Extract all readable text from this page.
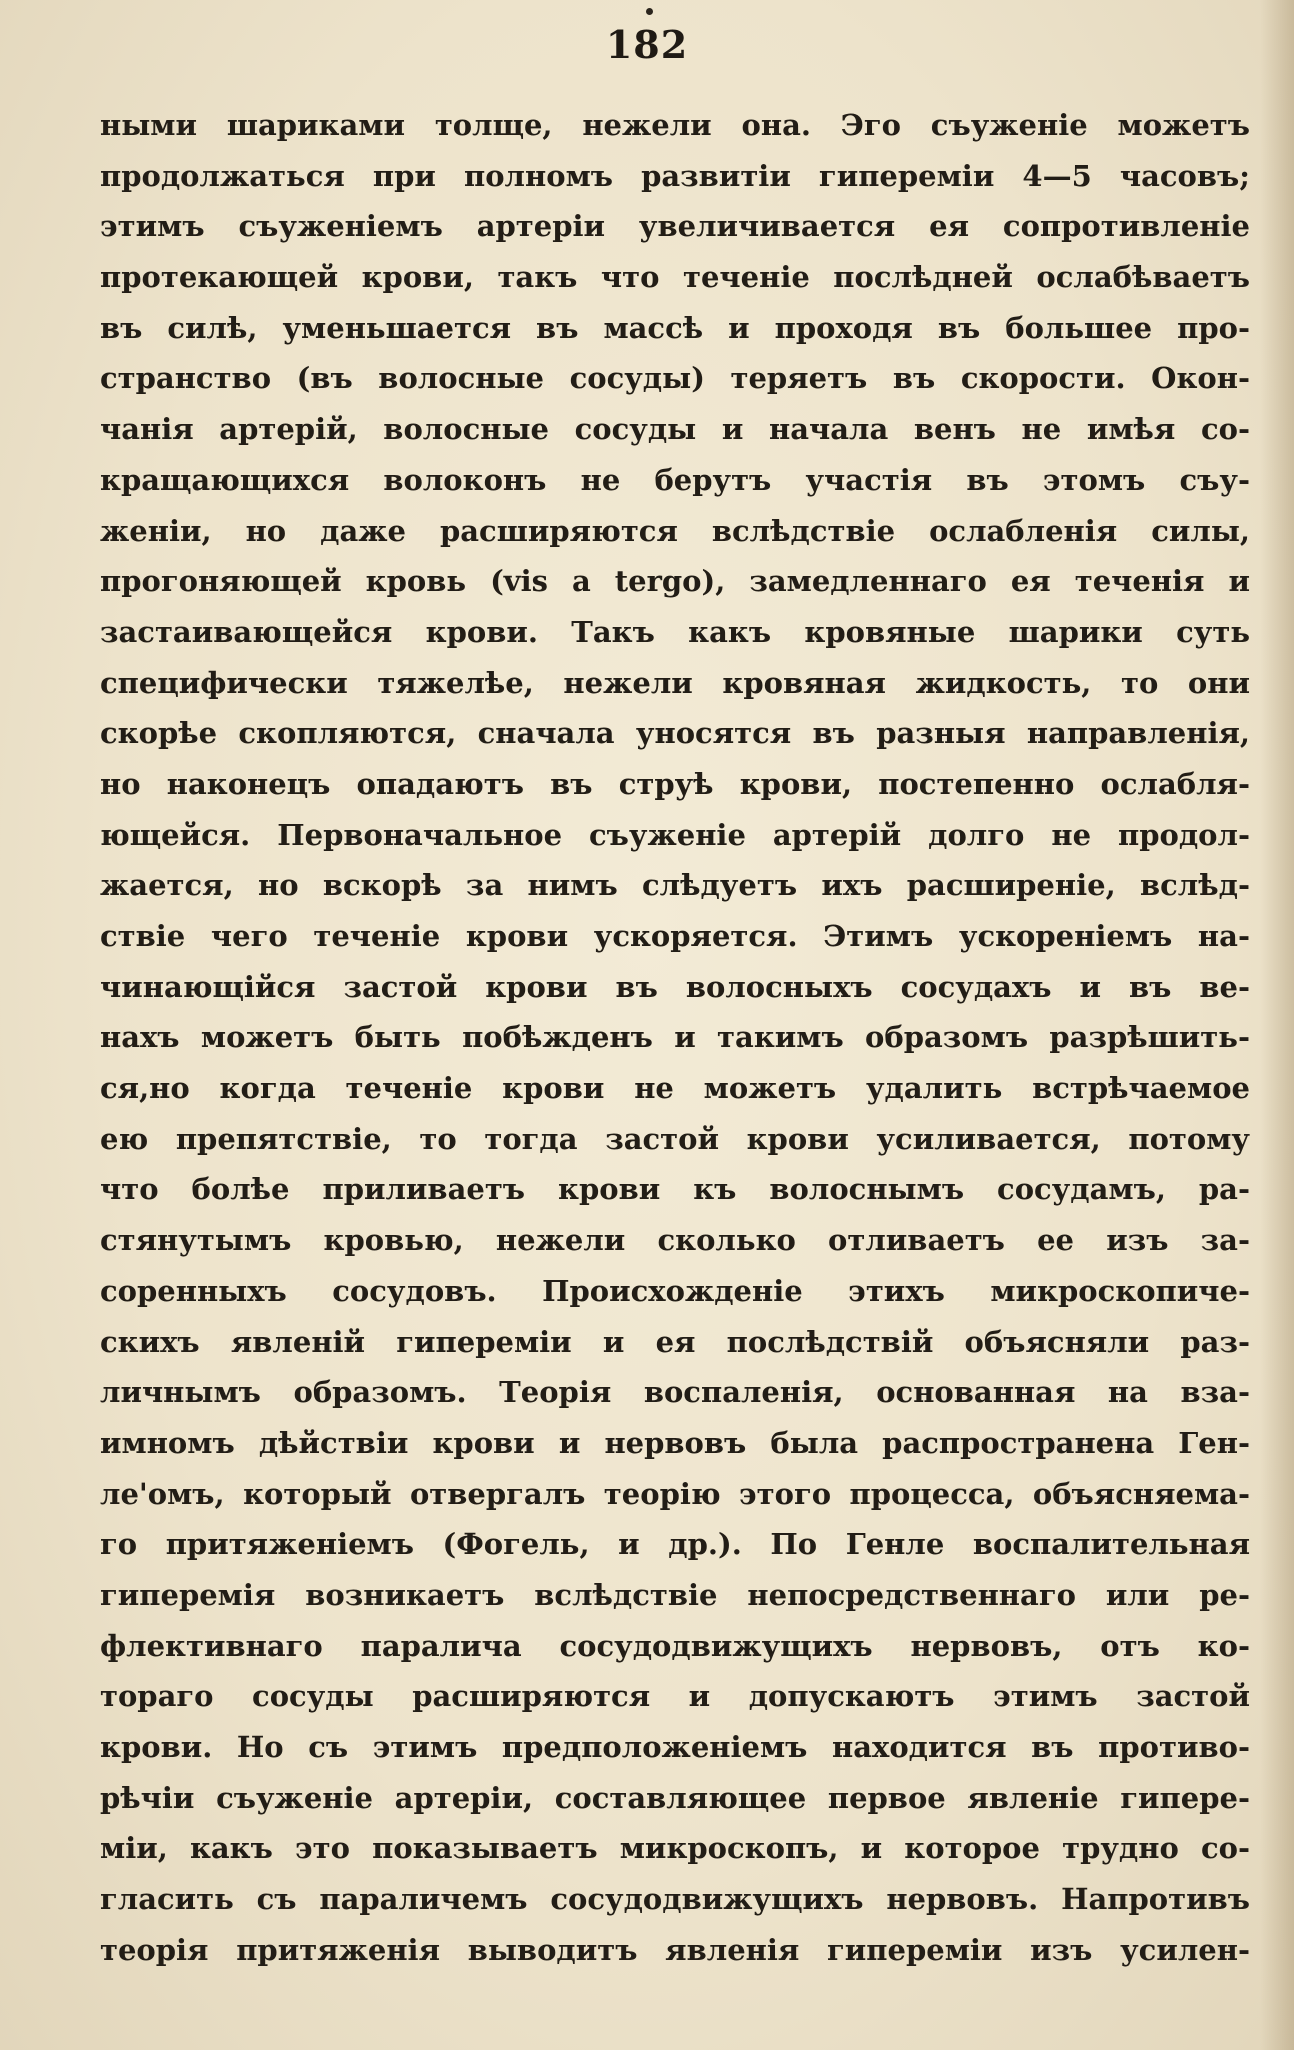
182
ными шариками толще, нежели она. Эго съуженіе можетъ
продолжаться при полномъ развитіи гипереміи 4—5 часовъ;
этимъ съуженіемъ артеріи увеличивается ея сопротивленіе
протекающей крови, такъ что теченіе послѣдней ослабѣваетъ
въ силѣ, уменьшается въ массѣ и проходя въ большее про-
странство (въ волосные сосуды) теряетъ въ скорости. Окон-
чанія артерій, волосные сосуды и начала венъ не имѣя со-
кращающихся волоконъ не берутъ участія въ этомъ съу-
женіи, но даже расширяются вслѣдствіе ослабленія силы,
прогоняющей кровь (vis a tergo), замедленнаго ея теченія и
застаивающейся крови. Такъ какъ кровяные шарики суть
специфически тяжелѣе, нежели кровяная жидкость, то они
скорѣе скопляются, сначала уносятся въ разныя направленія,
но наконецъ опадаютъ въ струѣ крови, постепенно ослабля-
ющейся. Первоначальное съуженіе артерій долго не продол-
жается, но вскорѣ за нимъ слѣдуетъ ихъ расширеніе, вслѣд-
ствіе чего теченіе крови ускоряется. Этимъ ускореніемъ на-
чинающійся застой крови въ волосныхъ сосудахъ и въ ве-
нахъ можетъ быть побѣжденъ и такимъ образомъ разрѣшить-
ся,но когда теченіе крови не можетъ удалить встрѣчаемое
ею препятствіе, то тогда застой крови усиливается, потому
что болѣе приливаетъ крови къ волоснымъ сосудамъ, ра-
стянутымъ кровью, нежели сколько отливаетъ ее изъ за-
соренныхъ сосудовъ. Происхожденіе этихъ микроскопиче-
скихъ явленій гипереміи и ея послѣдствій объясняли раз-
личнымъ образомъ. Теорія воспаленія, основанная на вза-
имномъ дѣйствіи крови и нервовъ была распространена Ген-
ле'омъ, который отвергалъ теорію этого процесса, объясняема-
го притяженіемъ (Фогель, и др.). По Генле воспалительная
гиперемія возникаетъ вслѣдствіе непосредственнаго или ре-
флективнаго паралича сосудодвижущихъ нервовъ, отъ ко-
тораго сосуды расширяются и допускаютъ этимъ застой
крови. Но съ этимъ предположеніемъ находится въ противо-
рѣчіи съуженіе артеріи, составляющее первое явленіе гипере-
міи, какъ это показываетъ микроскопъ, и которое трудно со-
гласить съ параличемъ сосудодвижущихъ нервовъ. Напротивъ
теорія притяженія выводитъ явленія гипереміи изъ усилен-
